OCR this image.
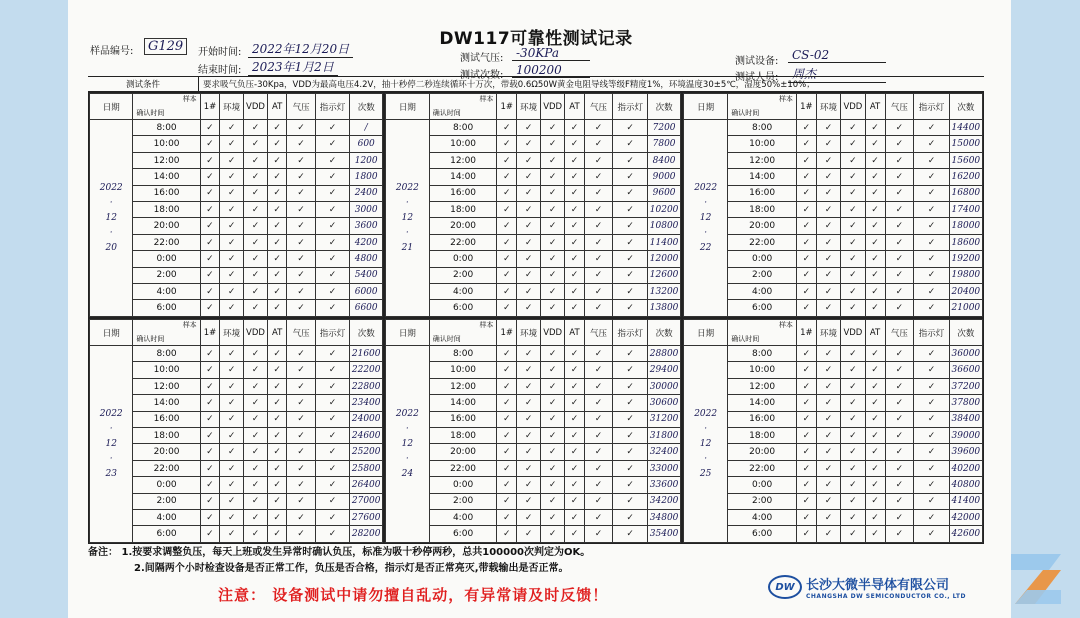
DW117可靠性测试记录
样品编号:	G129	开始时间: 2022年12月20日
结束时间: 2023年1月2日
测试气压:	-30KPa
测试次数:	100200
测试设备:	CS-02
测试人员:	周杰
测试条件	要求吸气负压-30Kpa，VDD为最高电压4.2V，抽十秒停二秒连续循环十万次，带载0.6Ω50W黄金电阻导线等级F精度1%，环境温度30±5℃，湿度50%±10%；
日期	样本
确认时间	1#	环境	VDD	AT	气压	指示灯	次数

2022
·
12
·
20	8:00	✓	✓	✓	✓	✓	✓	/
	10:00	✓	✓	✓	✓	✓	✓	600
	12:00	✓	✓	✓	✓	✓	✓	1200
	14:00	✓	✓	✓	✓	✓	✓	1800
	16:00	✓	✓	✓	✓	✓	✓	2400
	18:00	✓	✓	✓	✓	✓	✓	3000
	20:00	✓	✓	✓	✓	✓	✓	3600
	22:00	✓	✓	✓	✓	✓	✓	4200
	0:00	✓	✓	✓	✓	✓	✓	4800
	2:00	✓	✓	✓	✓	✓	✓	5400
	4:00	✓	✓	✓	✓	✓	✓	6000
	6:00	✓	✓	✓	✓	✓	✓	6600
日期	样本
确认时间	1#	环境	VDD	AT	气压	指示灯	次数

2022
·
12
·
21	8:00	✓	✓	✓	✓	✓	✓	7200
	10:00	✓	✓	✓	✓	✓	✓	7800
	12:00	✓	✓	✓	✓	✓	✓	8400
	14:00	✓	✓	✓	✓	✓	✓	9000
	16:00	✓	✓	✓	✓	✓	✓	9600
	18:00	✓	✓	✓	✓	✓	✓	10200
	20:00	✓	✓	✓	✓	✓	✓	10800
	22:00	✓	✓	✓	✓	✓	✓	11400
	0:00	✓	✓	✓	✓	✓	✓	12000
	2:00	✓	✓	✓	✓	✓	✓	12600
	4:00	✓	✓	✓	✓	✓	✓	13200
	6:00	✓	✓	✓	✓	✓	✓	13800
日期	样本
确认时间	1#	环境	VDD	AT	气压	指示灯	次数

2022
·
12
·
22	8:00	✓	✓	✓	✓	✓	✓	14400
	10:00	✓	✓	✓	✓	✓	✓	15000
	12:00	✓	✓	✓	✓	✓	✓	15600
	14:00	✓	✓	✓	✓	✓	✓	16200
	16:00	✓	✓	✓	✓	✓	✓	16800
	18:00	✓	✓	✓	✓	✓	✓	17400
	20:00	✓	✓	✓	✓	✓	✓	18000
	22:00	✓	✓	✓	✓	✓	✓	18600
	0:00	✓	✓	✓	✓	✓	✓	19200
	2:00	✓	✓	✓	✓	✓	✓	19800
	4:00	✓	✓	✓	✓	✓	✓	20400
	6:00	✓	✓	✓	✓	✓	✓	21000
日期	样本
确认时间	1#	环境	VDD	AT	气压	指示灯	次数

2022
·
12
·
23	8:00	✓	✓	✓	✓	✓	✓	21600
	10:00	✓	✓	✓	✓	✓	✓	22200
	12:00	✓	✓	✓	✓	✓	✓	22800
	14:00	✓	✓	✓	✓	✓	✓	23400
	16:00	✓	✓	✓	✓	✓	✓	24000
	18:00	✓	✓	✓	✓	✓	✓	24600
	20:00	✓	✓	✓	✓	✓	✓	25200
	22:00	✓	✓	✓	✓	✓	✓	25800
	0:00	✓	✓	✓	✓	✓	✓	26400
	2:00	✓	✓	✓	✓	✓	✓	27000
	4:00	✓	✓	✓	✓	✓	✓	27600
	6:00	✓	✓	✓	✓	✓	✓	28200
日期	样本
确认时间	1#	环境	VDD	AT	气压	指示灯	次数

2022
·
12
·
24	8:00	✓	✓	✓	✓	✓	✓	28800
	10:00	✓	✓	✓	✓	✓	✓	29400
	12:00	✓	✓	✓	✓	✓	✓	30000
	14:00	✓	✓	✓	✓	✓	✓	30600
	16:00	✓	✓	✓	✓	✓	✓	31200
	18:00	✓	✓	✓	✓	✓	✓	31800
	20:00	✓	✓	✓	✓	✓	✓	32400
	22:00	✓	✓	✓	✓	✓	✓	33000
	0:00	✓	✓	✓	✓	✓	✓	33600
	2:00	✓	✓	✓	✓	✓	✓	34200
	4:00	✓	✓	✓	✓	✓	✓	34800
	6:00	✓	✓	✓	✓	✓	✓	35400
日期	样本
确认时间	1#	环境	VDD	AT	气压	指示灯	次数

2022
·
12
·
25	8:00	✓	✓	✓	✓	✓	✓	36000
	10:00	✓	✓	✓	✓	✓	✓	36600
	12:00	✓	✓	✓	✓	✓	✓	37200
	14:00	✓	✓	✓	✓	✓	✓	37800
	16:00	✓	✓	✓	✓	✓	✓	38400
	18:00	✓	✓	✓	✓	✓	✓	39000
	20:00	✓	✓	✓	✓	✓	✓	39600
	22:00	✓	✓	✓	✓	✓	✓	40200
	0:00	✓	✓	✓	✓	✓	✓	40800
	2:00	✓	✓	✓	✓	✓	✓	41400
	4:00	✓	✓	✓	✓	✓	✓	42000
	6:00	✓	✓	✓	✓	✓	✓	42600
备注： 1.按要求调整负压，每天上班或发生异常时确认负压，标准为吸十秒停两秒，总共100000次判定为OK。
2.间隔两个小时检查设备是否正常工作，负压是否合格，指示灯是否正常亮灭,带载输出是否正常。
注意： 设备测试中请勿擅自乱动，有异常请及时反馈！	DW 长沙大微半导体有限公司
CHANGSHA DW SEMICONDUCTOR CO., LTD
